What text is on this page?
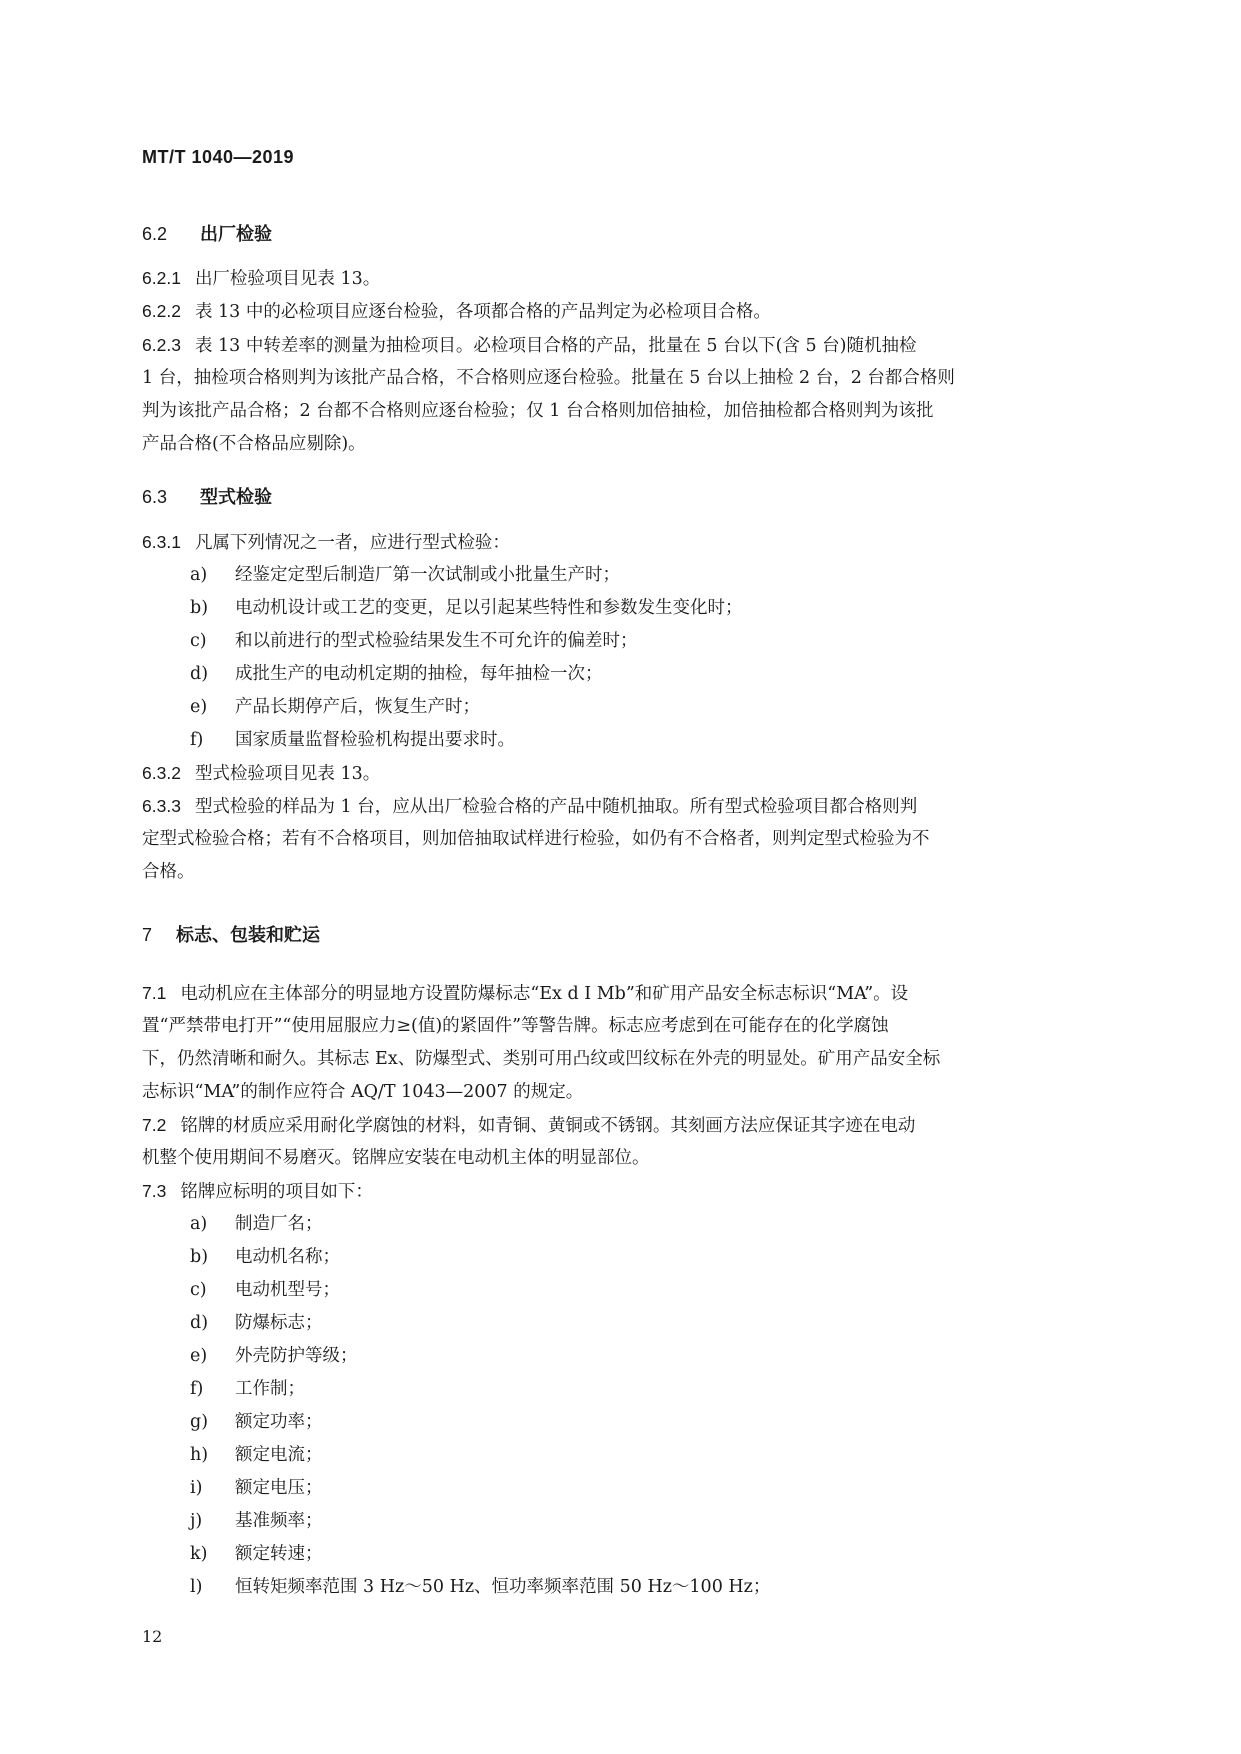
MT/T 1040—2019
6.2 出厂检验
6.2.1 出厂检验项目见表 13。
6.2.2 表 13 中的必检项目应逐台检验，各项都合格的产品判定为必检项目合格。
6.2.3 表 13 中转差率的测量为抽检项目。必检项目合格的产品，批量在 5 台以下(含 5 台)随机抽检
1 台，抽检项合格则判为该批产品合格，不合格则应逐台检验。批量在 5 台以上抽检 2 台，2 台都合格则
判为该批产品合格；2 台都不合格则应逐台检验；仅 1 台合格则加倍抽检，加倍抽检都合格则判为该批
产品合格(不合格品应剔除)。
6.3 型式检验
6.3.1 凡属下列情况之一者，应进行型式检验：
a) 经鉴定定型后制造厂第一次试制或小批量生产时；
b) 电动机设计或工艺的变更，足以引起某些特性和参数发生变化时；
c) 和以前进行的型式检验结果发生不可允许的偏差时；
d) 成批生产的电动机定期的抽检，每年抽检一次；
e) 产品长期停产后，恢复生产时；
f) 国家质量监督检验机构提出要求时。
6.3.2 型式检验项目见表 13。
6.3.3 型式检验的样品为 1 台，应从出厂检验合格的产品中随机抽取。所有型式检验项目都合格则判
定型式检验合格；若有不合格项目，则加倍抽取试样进行检验，如仍有不合格者，则判定型式检验为不
合格。
7 标志、包装和贮运
7.1 电动机应在主体部分的明显地方设置防爆标志“Ex d I Mb”和矿用产品安全标志标识“MA”。设
置“严禁带电打开”“使用屈服应力≥(值)的紧固件”等警告牌。标志应考虑到在可能存在的化学腐蚀
下，仍然清晰和耐久。其标志 Ex、防爆型式、类别可用凸纹或凹纹标在外壳的明显处。矿用产品安全标
志标识“MA”的制作应符合 AQ/T 1043—2007 的规定。
7.2 铭牌的材质应采用耐化学腐蚀的材料，如青铜、黄铜或不锈钢。其刻画方法应保证其字迹在电动
机整个使用期间不易磨灭。铭牌应安装在电动机主体的明显部位。
7.3 铭牌应标明的项目如下：
a) 制造厂名；
b) 电动机名称；
c) 电动机型号；
d) 防爆标志；
e) 外壳防护等级；
f) 工作制；
g) 额定功率；
h) 额定电流；
i) 额定电压；
j) 基准频率；
k) 额定转速；
l) 恒转矩频率范围 3 Hz～50 Hz、恒功率频率范围 50 Hz～100 Hz；
12
